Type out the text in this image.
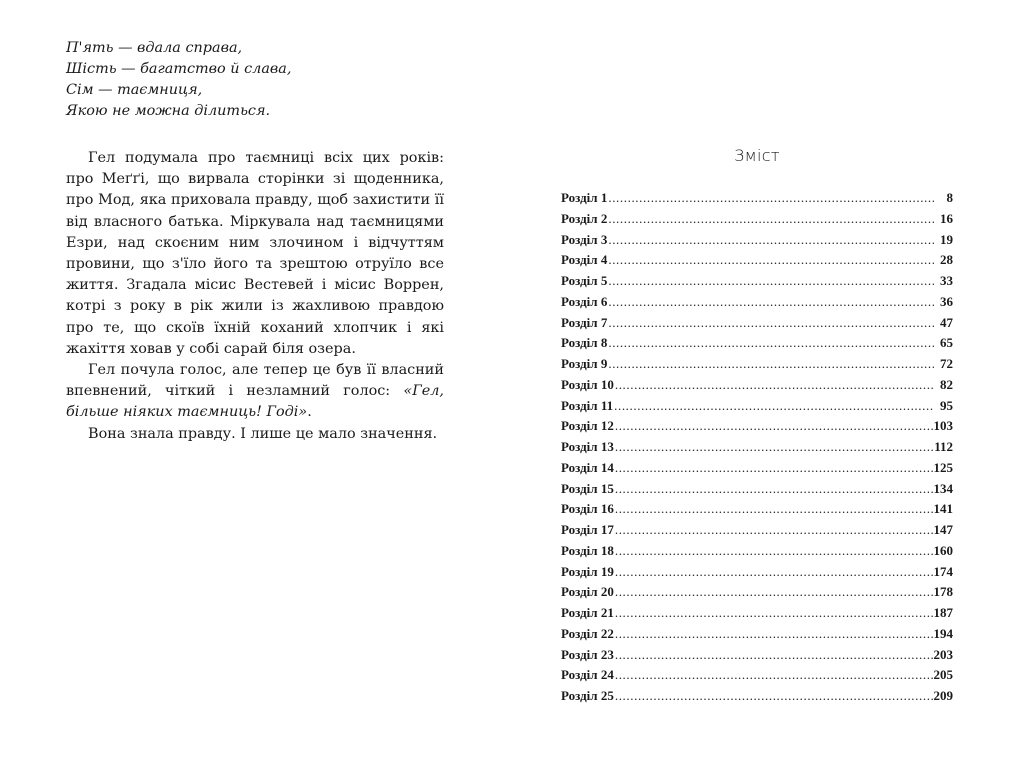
П'ять — вдала справа,
Шість — багатство й слава,
Сім — таємниця,
Якою не можна ділиться.

Гел подумала про таємниці всіх цих років: про Меґґі, що вирвала сторінки зі щоденника, про Мод, яка приховала правду, щоб захистити її від власного батька. Міркувала над таємницями Езри, над скоєним ним злочином і відчуттям провини, що з'їло його та зрештою отруїло все життя. Згадала місис Вестевей і місис Воррен, котрі з року в рік жили із жахливою правдою про те, що скоїв їхній коханий хлопчик і які жахіття ховав у собі сарай біля озера.

Гел почула голос, але тепер це був її власний впевнений, чіткий і незламний голос: «Гел, більше ніяких таємниць! Годі».

Вона знала правду. І лише це мало значення.

Зміст
Розділ 1 .....	8
Розділ 2 .....	16
Розділ 3 .....	19
Розділ 4 .....	28
Розділ 5 .....	33
Розділ 6 .....	36
Розділ 7 .....	47
Розділ 8 .....	65
Розділ 9 .....	72
Розділ 10 .....	82
Розділ 11 .....	95
Розділ 12 .....	103
Розділ 13 .....	112
Розділ 14 .....	125
Розділ 15 .....	134
Розділ 16 .....	141
Розділ 17 .....	147
Розділ 18 .....	160
Розділ 19 .....	174
Розділ 20 .....	178
Розділ 21 .....	187
Розділ 22 .....	194
Розділ 23 .....	203
Розділ 24 .....	205
Розділ 25 .....	209
